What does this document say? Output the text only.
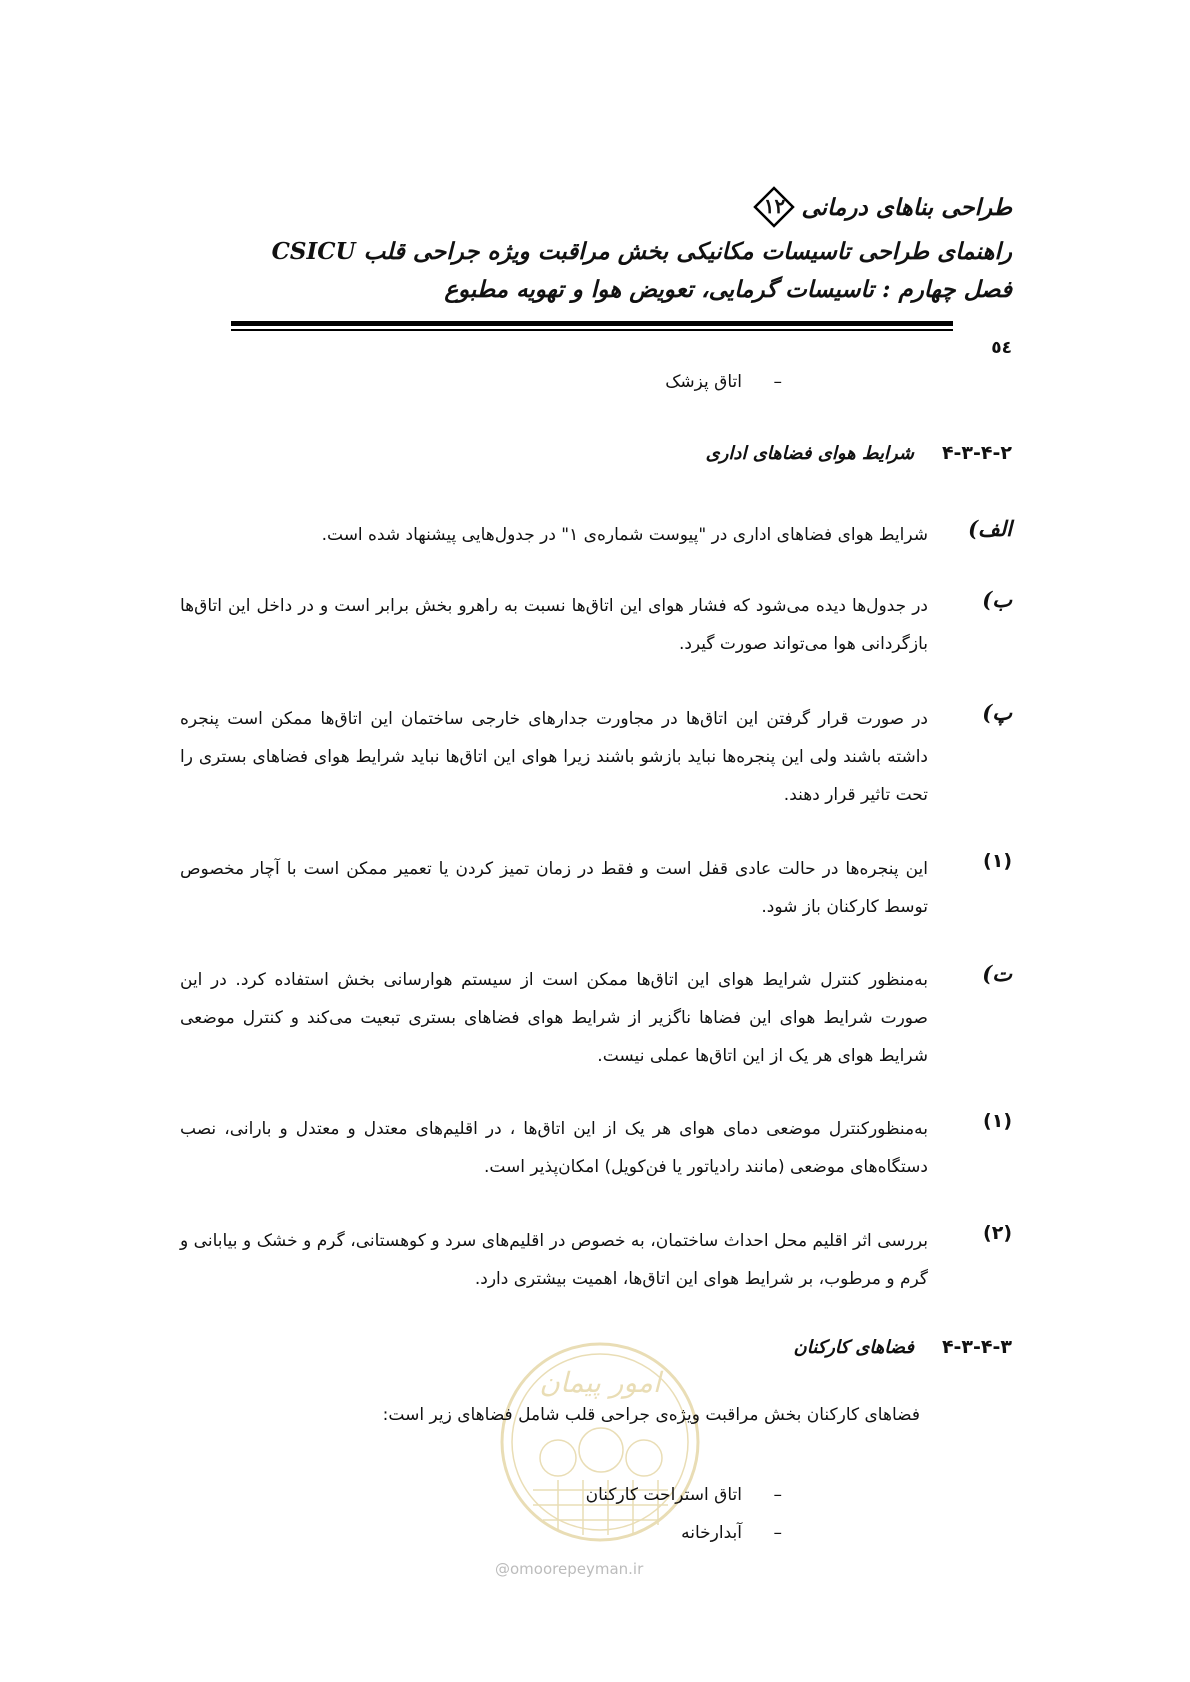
طراحی بناهای درمانی
۱۲
راهنمای طراحی تاسیسات مکانیکی بخش مراقبت ویژه جراحی قلب CSICU
فصل چهارم : تاسیسات گرمایی، تعویض هوا و تهویه مطبوع
٥٤
–اتاق پزشک
۴-۳-۴-۲
شرایط هوای فضاهای اداری
الف)
شرایط هوای فضاهای اداری در "پیوست شماره‌ی ۱" در جدول‌هایی پیشنهاد شده است.
ب)
در جدول‌ها دیده می‌شود که فشار هوای این اتاق‌ها نسبت به راهرو بخش برابر است و در داخل این اتاق‌ها بازگردانی هوا می‌تواند صورت گیرد.
پ)
در صورت قرار گرفتن این اتاق‌ها در مجاورت جدارهای خارجی ساختمان این اتاق‌ها ممکن است پنجره داشته باشند ولی این پنجره‌ها نباید بازشو باشند زیرا هوای این اتاق‌ها نباید شرایط هوای فضاهای بستری را تحت تاثیر قرار دهند.
(۱)
این پنجره‌ها در حالت عادی قفل است و فقط در زمان تمیز کردن یا تعمیر ممکن است با آچار مخصوص توسط کارکنان باز شود.
ت)
به‌منظور کنترل شرایط هوای این اتاق‌ها ممکن است از سیستم هوارسانی بخش استفاده کرد. در این صورت شرایط هوای این فضاها ناگزیر از شرایط هوای فضاهای بستری تبعیت می‌کند و کنترل موضعی شرایط هوای هر یک از این اتاق‌ها عملی نیست.
(۱)
به‌منظورکنترل موضعی دمای هوای هر یک از این اتاق‌ها ، در اقلیم‌های معتدل و معتدل و بارانی، نصب دستگاه‌های موضعی (مانند رادیاتور یا فن‌کویل) امکان‌پذیر است.
(۲)
بررسی اثر اقلیم محل احداث ساختمان، به خصوص در اقلیم‌های سرد و کوهستانی، گرم و خشک و بیابانی و گرم و مرطوب، بر شرایط هوای این اتاق‌ها، اهمیت بیشتری دارد.
۴-۳-۴-۳
فضاهای کارکنان
امور پیمان
@omoorepeyman.ir
فضاهای کارکنان بخش مراقبت ویژه‌ی جراحی قلب شامل فضاهای زیر است:
–اتاق استراحت کارکنان
–آبدارخانه
